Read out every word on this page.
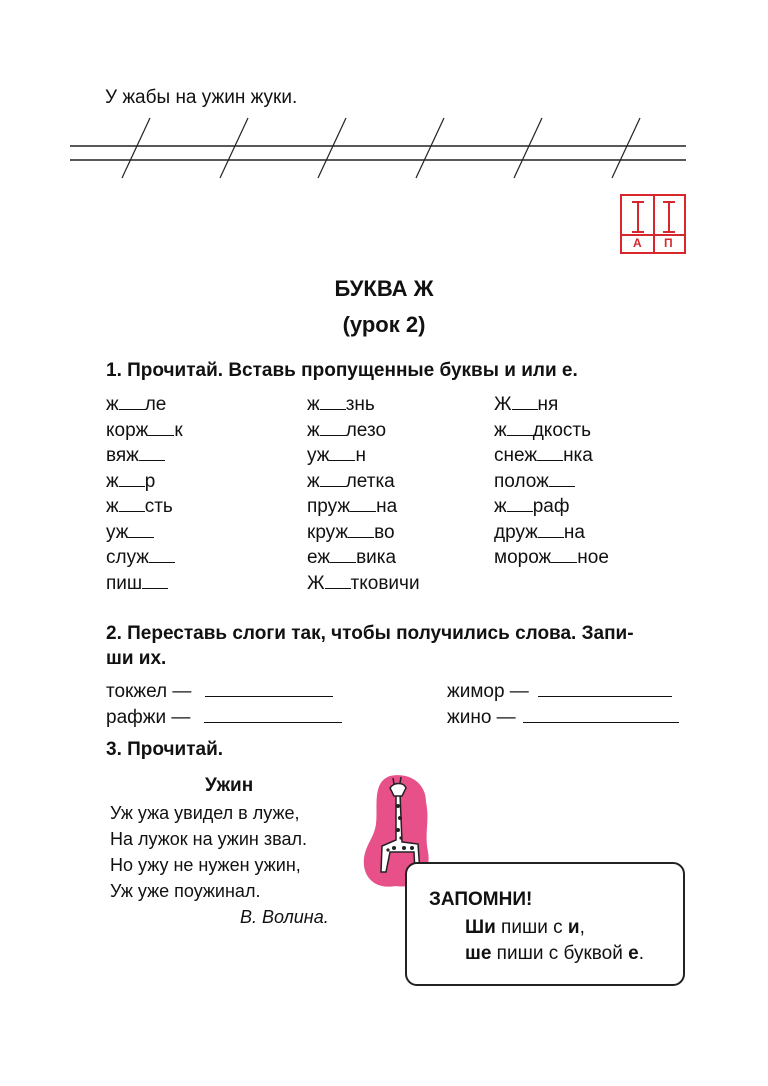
У жабы на ужин жуки.
А П
БУКВА Ж
(урок 2)
1. Прочитай. Вставь пропущенные буквы и или е.
ж ле
корж к
вяж
ж р
ж сть
уж
служ
пиш
ж знь
ж лезо
уж н
ж летка
пруж на
круж во
еж вика
Ж тковичи
Ж ня
ж дкость
снеж нка
полож
ж раф
друж на
морож ное
2. Переставь слоги так, чтобы получились слова. Запи-
ши их.
токжел —
рафжи —
жимор —
жино —
3. Прочитай.
Ужин
Уж ужа увидел в луже,
На лужок на ужин звал.
Но ужу не нужен ужин,
Уж уже поужинал.
В. Волина.
ЗАПОМНИ!
Ши пиши с и,
ше пиши с буквой е.
